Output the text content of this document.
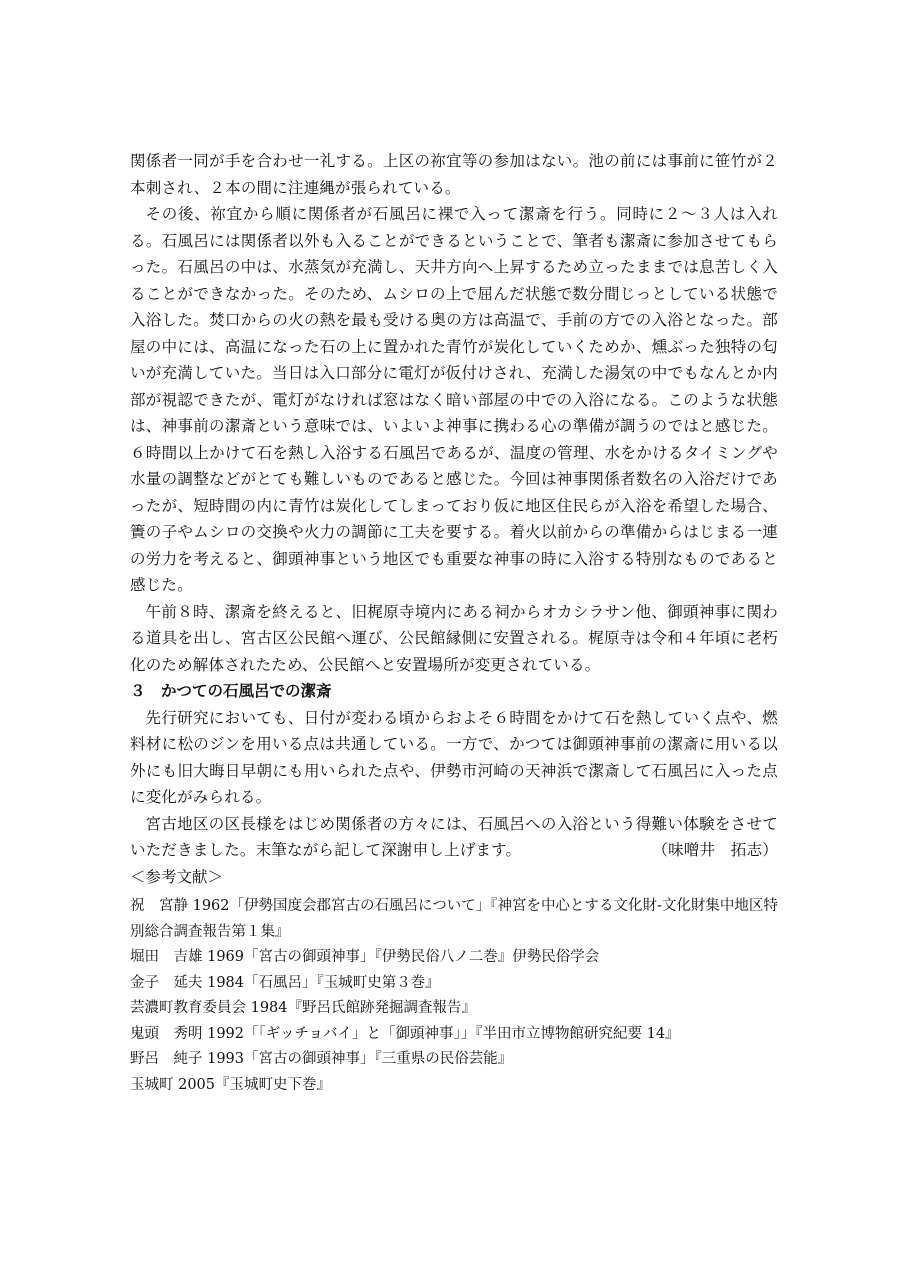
関係者一同が手を合わせ一礼する。上区の祢宜等の参加はない。池の前には事前に笹竹が２本刺され、２本の間に注連縄が張られている。

その後、祢宜から順に関係者が石風呂に裸で入って潔斎を行う。同時に２～３人は入れる。石風呂には関係者以外も入ることができるということで、筆者も潔斎に参加させてもらった。石風呂の中は、水蒸気が充満し、天井方向へ上昇するため立ったままでは息苦しく入ることができなかった。そのため、ムシロの上で屈んだ状態で数分間じっとしている状態で入浴した。焚口からの火の熱を最も受ける奥の方は高温で、手前の方での入浴となった。部屋の中には、高温になった石の上に置かれた青竹が炭化していくためか、燻ぶった独特の匂いが充満していた。当日は入口部分に電灯が仮付けされ、充満した湯気の中でもなんとか内部が視認できたが、電灯がなければ窓はなく暗い部屋の中での入浴になる。このような状態は、神事前の潔斎という意味では、いよいよ神事に携わる心の準備が調うのではと感じた。６時間以上かけて石を熱し入浴する石風呂であるが、温度の管理、水をかけるタイミングや水量の調整などがとても難しいものであると感じた。今回は神事関係者数名の入浴だけであったが、短時間の内に青竹は炭化してしまっており仮に地区住民らが入浴を希望した場合、簀の子やムシロの交換や火力の調節に工夫を要する。着火以前からの準備からはじまる一連の労力を考えると、御頭神事という地区でも重要な神事の時に入浴する特別なものであると感じた。

午前８時、潔斎を終えると、旧梶原寺境内にある祠からオカシラサン他、御頭神事に関わる道具を出し、宮古区公民館へ運び、公民館縁側に安置される。梶原寺は令和４年頃に老朽化のため解体されたため、公民館へと安置場所が変更されている。

３　かつての石風呂での潔斎

先行研究においても、日付が変わる頃からおよそ６時間をかけて石を熱していく点や、燃料材に松のジンを用いる点は共通している。一方で、かつては御頭神事前の潔斎に用いる以外にも旧大晦日早朝にも用いられた点や、伊勢市河崎の天神浜で潔斎して石風呂に入った点に変化がみられる。

宮古地区の区長様をはじめ関係者の方々には、石風呂への入浴という得難い体験をさせていただきました。末筆ながら記して深謝申し上げます。	（味噌井　拓志）

＜参考文献＞

祝　宮静 1962「伊勢国度会郡宮古の石風呂について」『神宮を中心とする文化財‐文化財集中地区特別総合調査報告第１集』
堀田　吉雄 1969「宮古の御頭神事」『伊勢民俗八ノ二巻』伊勢民俗学会
金子　延夫 1984「石風呂」『玉城町史第３巻』
芸濃町教育委員会 1984『野呂氏館跡発掘調査報告』
鬼頭　秀明 1992「「ギッチョバイ」と「御頭神事」」『半田市立博物館研究紀要 14』
野呂　純子 1993「宮古の御頭神事」『三重県の民俗芸能』
玉城町 2005『玉城町史下巻』
